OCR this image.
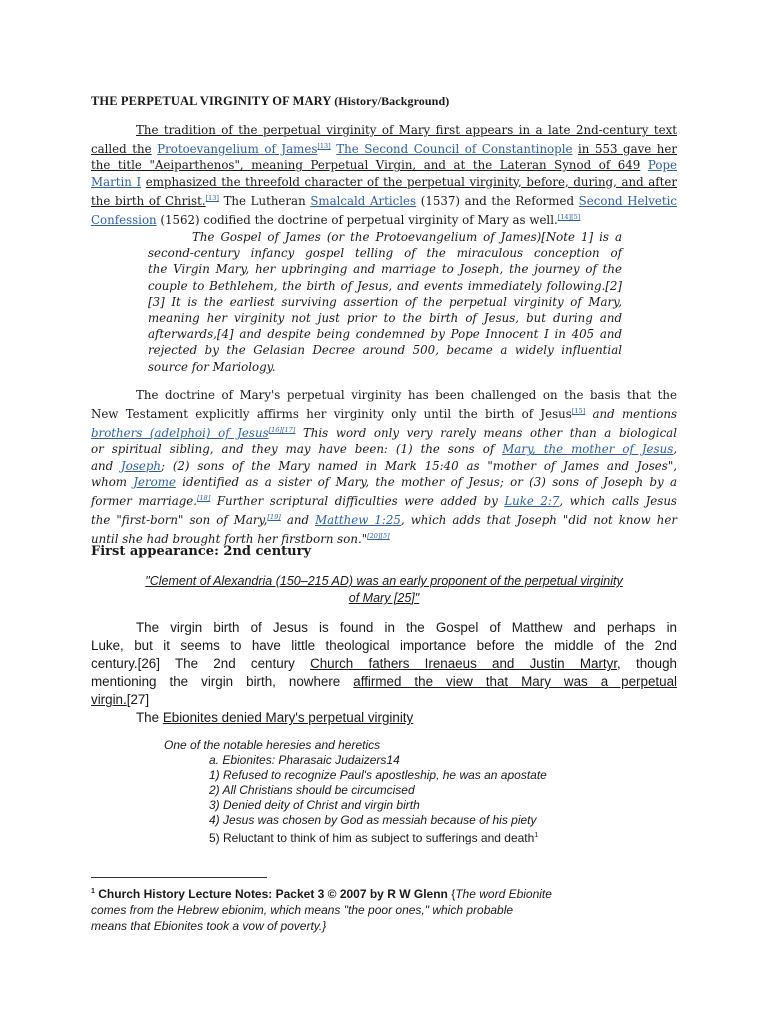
THE PERPETUAL VIRGINITY OF MARY (History/Background)
The tradition of the perpetual virginity of Mary first appears in a late 2nd-century text
called the Protoevangelium of James[13] The Second Council of Constantinople in 553 gave her
the title "Aeiparthenos", meaning Perpetual Virgin, and at the Lateran Synod of 649 Pope
Martin I emphasized the threefold character of the perpetual virginity, before, during, and after
the birth of Christ.[13] The Lutheran Smalcald Articles (1537) and the Reformed Second Helvetic
Confession (1562) codified the doctrine of perpetual virginity of Mary as well.[14][5]
The Gospel of James (or the Protoevangelium of James)[Note 1] is a
second-century infancy gospel telling of the miraculous conception of
the Virgin Mary, her upbringing and marriage to Joseph, the journey of the
couple to Bethlehem, the birth of Jesus, and events immediately following.[2]
[3] It is the earliest surviving assertion of the perpetual virginity of Mary,
meaning her virginity not just prior to the birth of Jesus, but during and
afterwards,[4] and despite being condemned by Pope Innocent I in 405 and
rejected by the Gelasian Decree around 500, became a widely influential
source for Mariology.
The doctrine of Mary's perpetual virginity has been challenged on the basis that the
New Testament explicitly affirms her virginity only until the birth of Jesus[15] and mentions
brothers (adelphoi) of Jesus[16][17] This word only very rarely means other than a biological
or spiritual sibling, and they may have been: (1) the sons of Mary, the mother of Jesus,
and Joseph; (2) sons of the Mary named in Mark 15:40 as "mother of James and Joses",
whom Jerome identified as a sister of Mary, the mother of Jesus; or (3) sons of Joseph by a
former marriage.[18] Further scriptural difficulties were added by Luke 2:7, which calls Jesus
the "first-born" son of Mary,[19] and Matthew 1:25, which adds that Joseph "did not know her
until she had brought forth her firstborn son."[20][5]
First appearance: 2nd century
"Clement of Alexandria (150–215 AD) was an early proponent of the perpetual virginity
of Mary [25]"
The virgin birth of Jesus is found in the Gospel of Matthew and perhaps in
Luke, but it seems to have little theological importance before the middle of the 2nd
century.[26] The 2nd century Church fathers Irenaeus and Justin Martyr, though
mentioning the virgin birth, nowhere affirmed the view that Mary was a perpetual
virgin.[27]
The Ebionites denied Mary's perpetual virginity
One of the notable heresies and heretics
a. Ebionites: Pharasaic Judaizers14
1) Refused to recognize Paul's apostleship, he was an apostate
2) All Christians should be circumcised
3) Denied deity of Christ and virgin birth
4) Jesus was chosen by God as messiah because of his piety
5) Reluctant to think of him as subject to sufferings and death$^1$
$^1$ Church History Lecture Notes: Packet 3 © 2007 by R W Glenn {The word Ebionite
comes from the Hebrew ebionim, which means "the poor ones," which probable
means that Ebionites took a vow of poverty.}
